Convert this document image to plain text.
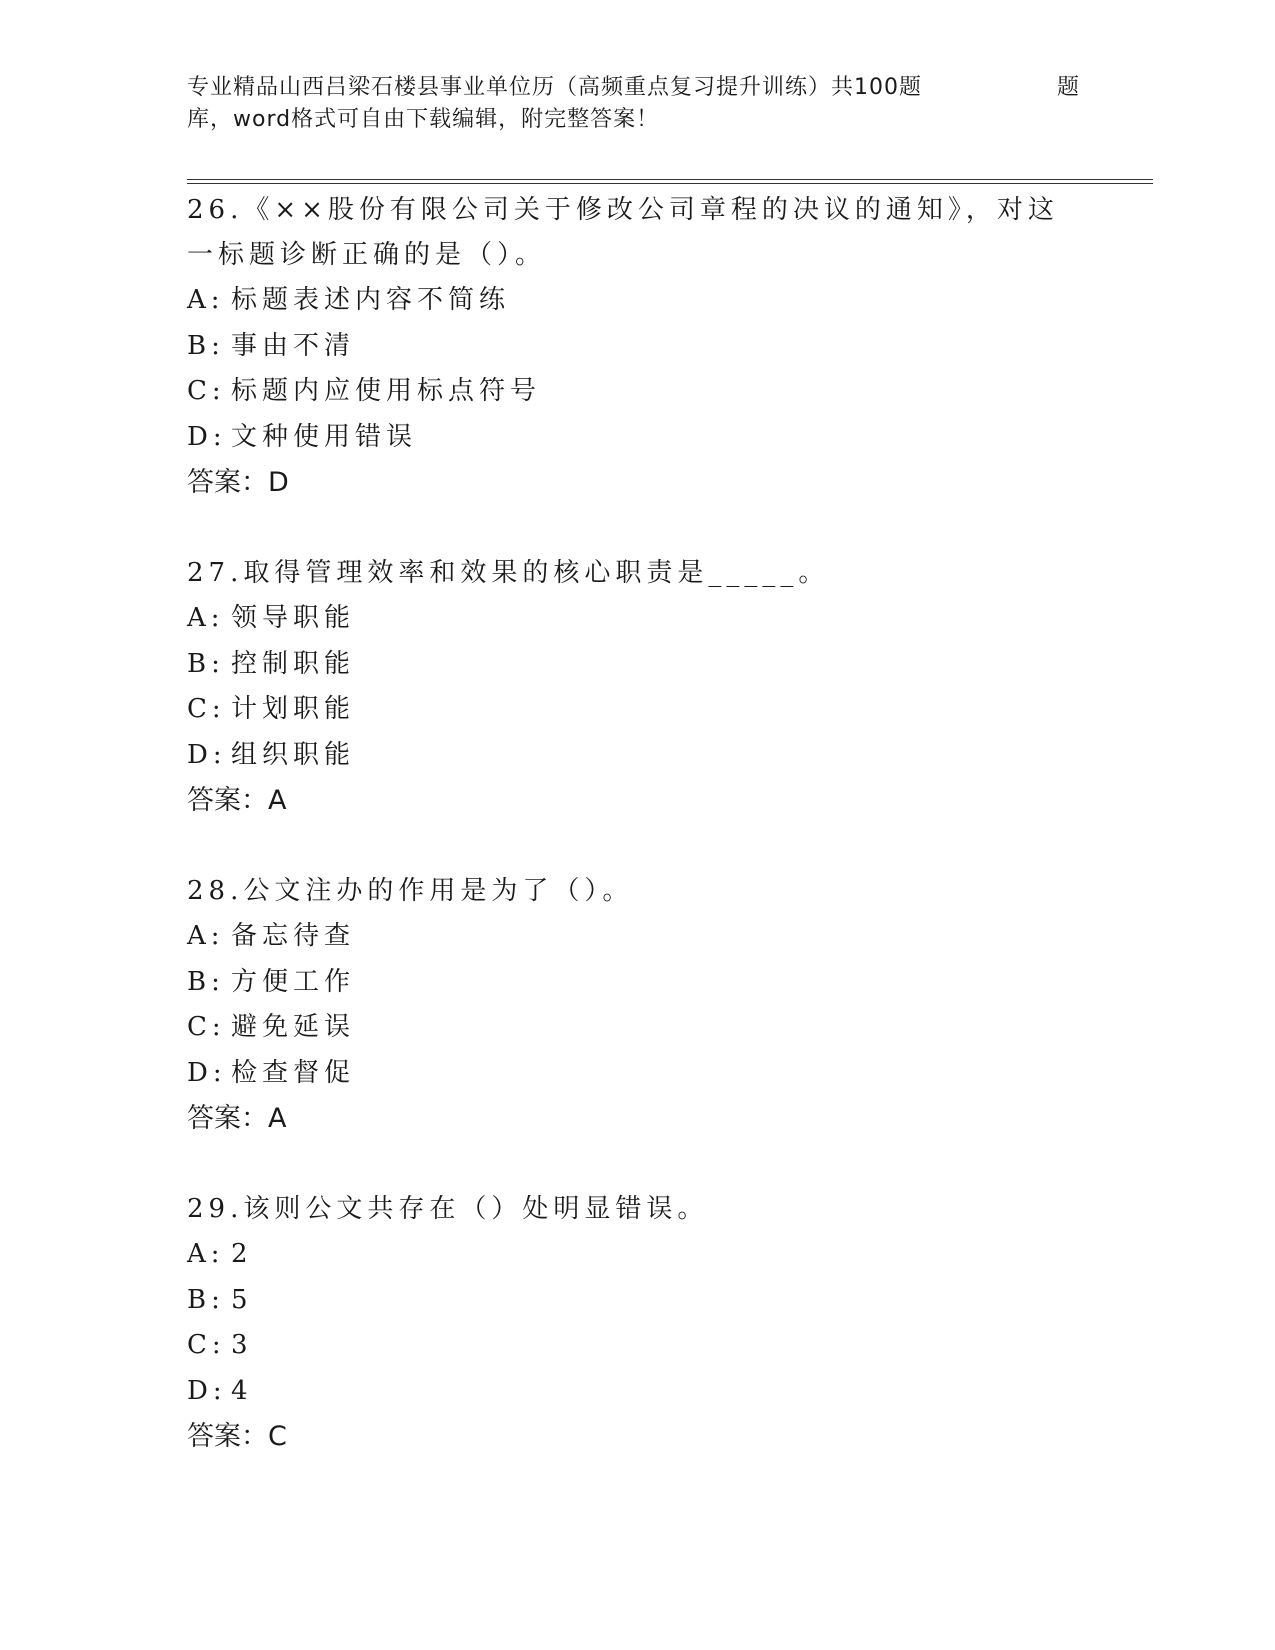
专业精品山西吕梁石楼县事业单位历（高频重点复习提升训练）共100题	题
库，word格式可自由下载编辑，附完整答案！

26.《××股份有限公司关于修改公司章程的决议的通知》，对这一标题诊断正确的是（）。

A: 标题表述内容不简练

B: 事由不清

C: 标题内应使用标点符号

D: 文种使用错误

答案：D

27.取得管理效率和效果的核心职责是_____。

A: 领导职能

B: 控制职能

C: 计划职能

D: 组织职能

答案：A

28.公文注办的作用是为了（）。

A: 备忘待查

B: 方便工作

C: 避免延误

D: 检查督促

答案：A

29.该则公文共存在（）处明显错误。

A: 2

B: 5

C: 3

D: 4

答案：C
